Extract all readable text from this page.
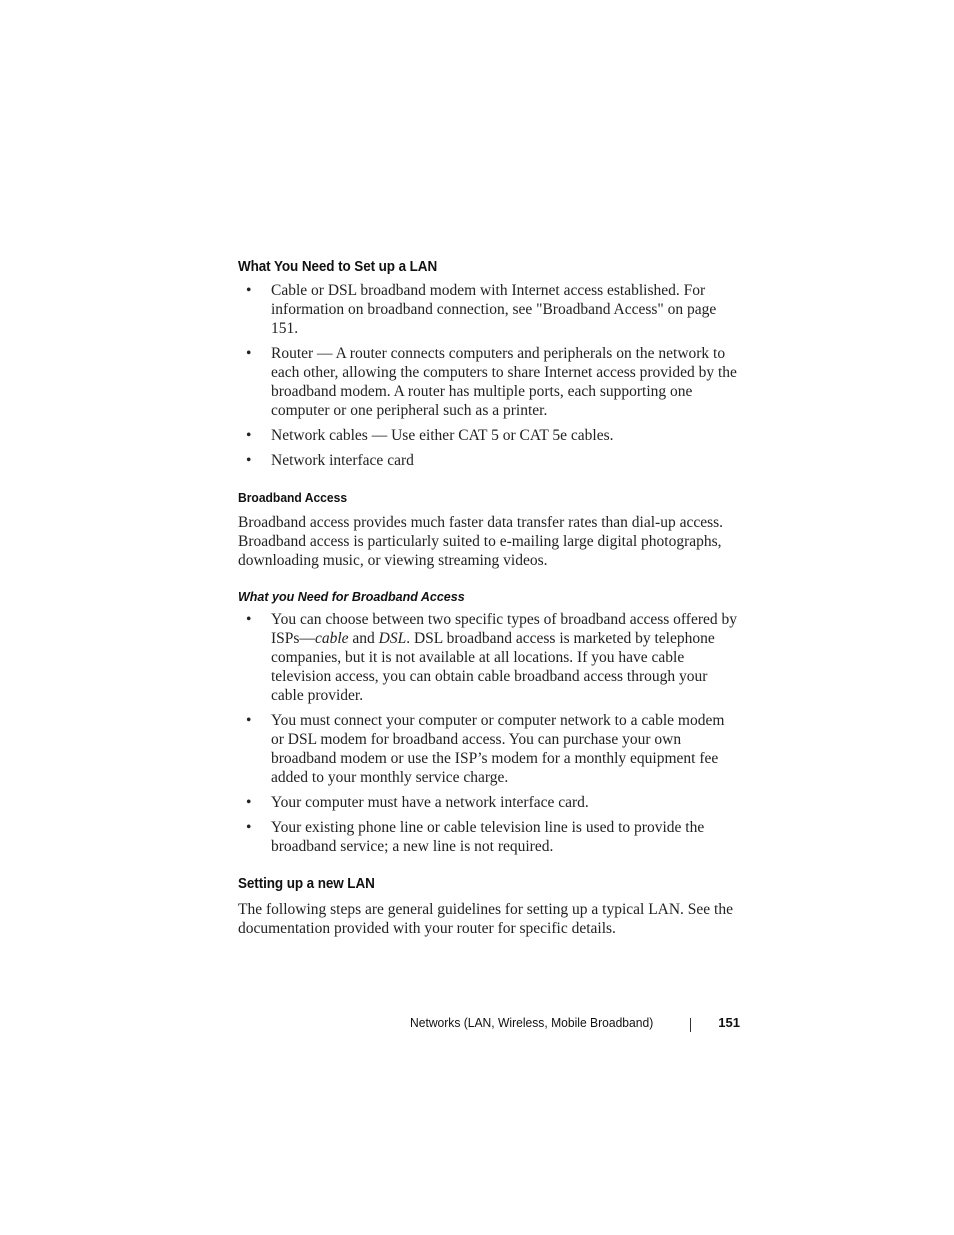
What You Need to Set up a LAN
• Cable or DSL broadband modem with Internet access established. For information on broadband connection, see "Broadband Access" on page 151.
• Router — A router connects computers and peripherals on the network to each other, allowing the computers to share Internet access provided by the broadband modem. A router has multiple ports, each supporting one computer or one peripheral such as a printer.
• Network cables — Use either CAT 5 or CAT 5e cables.
• Network interface card
Broadband Access

Broadband access provides much faster data transfer rates than dial-up access. Broadband access is particularly suited to e-mailing large digital photographs, downloading music, or viewing streaming videos.

What you Need for Broadband Access
• You can choose between two specific types of broadband access offered by ISPs—cable and DSL. DSL broadband access is marketed by telephone companies, but it is not available at all locations. If you have cable television access, you can obtain cable broadband access through your cable provider.
• You must connect your computer or computer network to a cable modem or DSL modem for broadband access. You can purchase your own broadband modem or use the ISP’s modem for a monthly equipment fee added to your monthly service charge.
• Your computer must have a network interface card.
• Your existing phone line or cable television line is used to provide the broadband service; a new line is not required.
Setting up a new LAN

The following steps are general guidelines for setting up a typical LAN. See the documentation provided with your router for specific details.

Networks (LAN, Wireless, Mobile Broadband)	151
